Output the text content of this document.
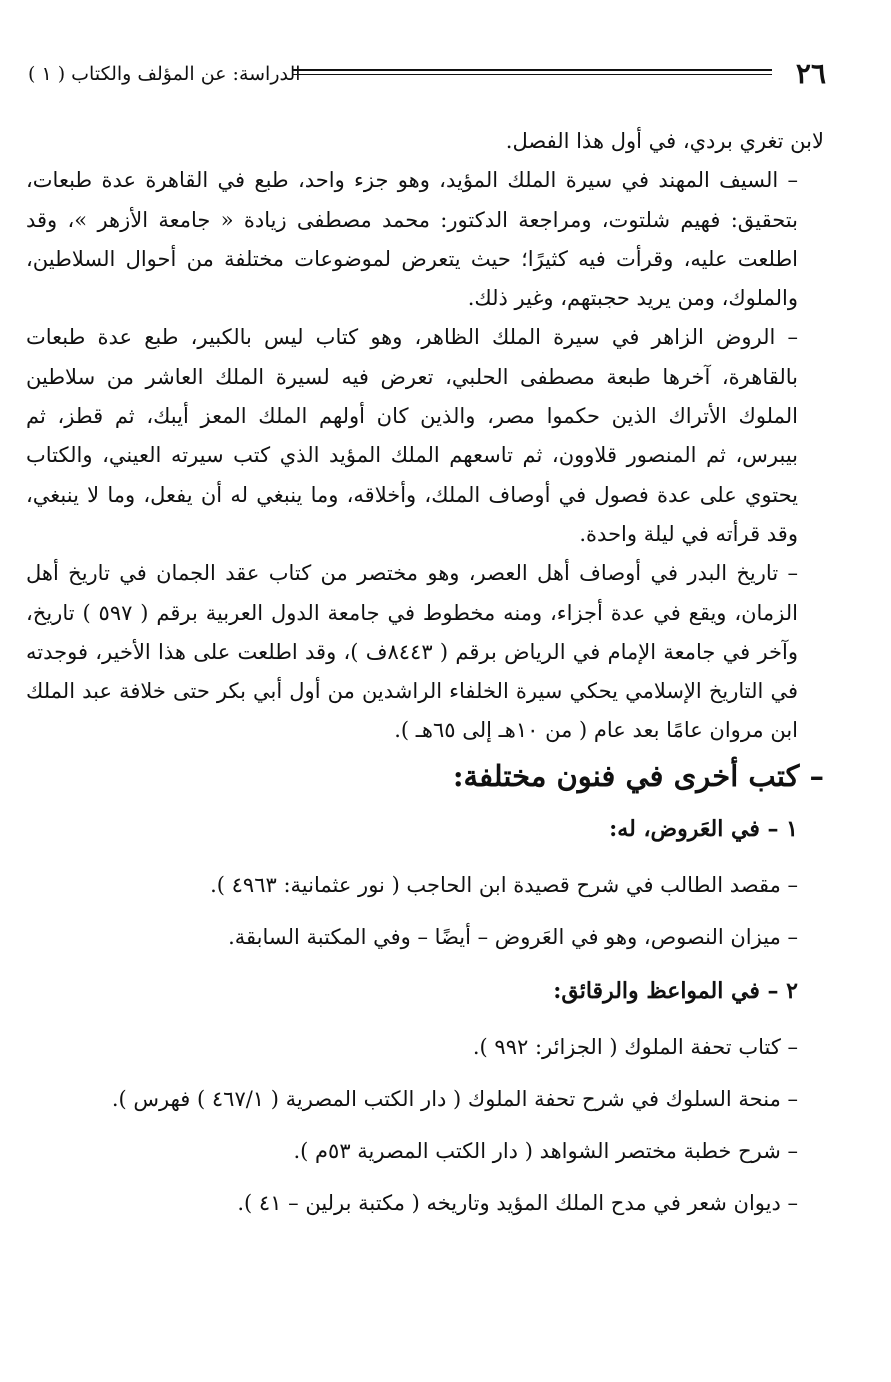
٢٦
الدراسة: عن المؤلف والكتاب ( ١ )

لابن تغري بردي، في أول هذا الفصل.

– السيف المهند في سيرة الملك المؤيد، وهو جزء واحد، طبع في القاهرة عدة طبعات، بتحقيق: فهيم شلتوت، ومراجعة الدكتور: محمد مصطفى زيادة « جامعة الأزهر »، وقد اطلعت عليه، وقرأت فيه كثيرًا؛ حيث يتعرض لموضوعات مختلفة من أحوال السلاطين، والملوك، ومن يريد حجبتهم، وغير ذلك.

– الروض الزاهر في سيرة الملك الظاهر، وهو كتاب ليس بالكبير، طبع عدة طبعات بالقاهرة، آخرها طبعة مصطفى الحلبي، تعرض فيه لسيرة الملك العاشر من سلاطين الملوك الأتراك الذين حكموا مصر، والذين كان أولهم الملك المعز أيبك، ثم قطز، ثم بيبرس، ثم المنصور قلاوون، ثم تاسعهم الملك المؤيد الذي كتب سيرته العيني، والكتاب يحتوي على عدة فصول في أوصاف الملك، وأخلاقه، وما ينبغي له أن يفعل، وما لا ينبغي، وقد قرأته في ليلة واحدة.

– تاريخ البدر في أوصاف أهل العصر، وهو مختصر من كتاب عقد الجمان في تاريخ أهل الزمان، ويقع في عدة أجزاء، ومنه مخطوط في جامعة الدول العربية برقم ( ٥٩٧ ) تاريخ، وآخر في جامعة الإمام في الرياض برقم ( ٨٤٤٣ف )، وقد اطلعت على هذا الأخير، فوجدته في التاريخ الإسلامي يحكي سيرة الخلفاء الراشدين من أول أبي بكر حتى خلافة عبد الملك ابن مروان عامًا بعد عام ( من ١٠هـ إلى ٦٥هـ ).

– كتب أخرى في فنون مختلفة:

١ – في العَروض، له:

– مقصد الطالب في شرح قصيدة ابن الحاجب ( نور عثمانية: ٤٩٦٣ ).

– ميزان النصوص، وهو في العَروض – أيضًا – وفي المكتبة السابقة.

٢ – في المواعظ والرقائق:

– كتاب تحفة الملوك ( الجزائر: ٩٩٢ ).

– منحة السلوك في شرح تحفة الملوك ( دار الكتب المصرية ( ٤٦٧/١ ) فهرس ).

– شرح خطبة مختصر الشواهد ( دار الكتب المصرية ٥٣م ).

– ديوان شعر في مدح الملك المؤيد وتاريخه ( مكتبة برلين – ٤١ ).
